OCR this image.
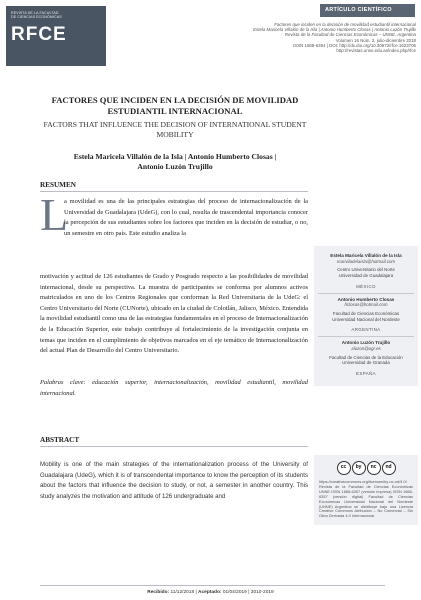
REVISTA DE LA FACULTAD
DE CIENCIAS ECONÓMICAS
RFCE
ARTÍCULO CIENTÍFICO
Factores que inciden en la decisión de movilidad estudiantil internacional
Estela Maricela Villalón de la Isla | Antonio Humberto Closas | Antonio Luzón Trujillo
Revista de la Facultad de Ciencias Económicas – UNNE. Argentina
Volumen 16 Núm. 2, julio-diciembre 2018
ISSN 1668-6354 | DOI: http://dx.doi.org/10.30972/rfce.1623706
http://revistas.unne.edu.ar/index.php/rfce
FACTORES QUE INCIDEN EN LA DECISIÓN DE MOVILIDAD ESTUDIANTIL INTERNACIONAL
FACTORS THAT INFLUENCE THE DECISION OF INTERNATIONAL STUDENT MOBILITY
Estela Maricela Villalón de la Isla | Antonio Humberto Closas |
Antonio Luzón Trujillo
RESUMEN
L
a movilidad es una de las principales estrategias del proceso de internacionalización de la Universidad de Guadalajara (UdeG), con lo cual, resulta de trascendental importancia conocer la percepción de sus estudiantes sobre los factores que inciden en la decisión de estudiar, o no, un semestre en otro país. Este estudio analiza la
motivación y actitud de 126 estudiantes de Grado y Posgrado respecto a las posibilidades de movilidad internacional, desde su perspectiva. La muestra de participantes se conforma por alumnos activos matriculados en uno de los Centros Regionales que conforman la Red Universitaria de la UdeG: el Centro Universitario del Norte (CUNorte), ubicado en la ciudad de Colotlán, Jalisco, México. Entendida la movilidad estudiantil como una de las estrategias fundamentales en el proceso de Internacionalización de la Educación Superior, este trabajo contribuye al fortalecimiento de la investigación conjunta en temas que inciden en el cumplimiento de objetivos marcados en el eje temático de Internacionalización del actual Plan de Desarrollo del Centro Universitario.
Palabras clave: educación superior, internacionalización, movilidad estudiantil, movilidad internacional.
Estela Maricela Villalón de la Isla
mariviladelaisla@hotmail.com
Centro Universitario del Norte
Universidad de Guadalajara
MÉXICO
Antonio Humberto Closas
hclosas@hotmail.com
Facultad de Ciencias Económicas
Universidad Nacional del Nordeste
ARGENTINA
Antonio Luzón Trujillo
aluzon@ugr.es
Facultad de Ciencias de la Educación
Universidad de Granada
ESPAÑA
ABSTRACT
Mobility is one of the main strategies of the internationalization process of the University of Guadalajara (UdeG), which it is of transcendental importance to know the perception of its students about the factors that influence the decision to study, or not, a semester in another country. This study analyzes the motivation and attitude of 126 undergraduate and
cc	by	nc	nd
https://creativecommons.org/licenses/by-nc-nd/4.0/ Revista de la Facultad de Ciencias Económicas UNNE ISSN 1668-6357 (versión impresa) ISSN 1668-6357 (versión digital) Facultad de Ciencias Económicas Universidad Nacional del Nordeste (UNNE) Argentina se distribuye bajo una Licencia Creative Commons Atribución – No Comercial – Sin Obra Derivada 4.0 Internacional.
Recibido: 11/12/2018 | Aceptado: 01/04/2019 | 3010-2019
